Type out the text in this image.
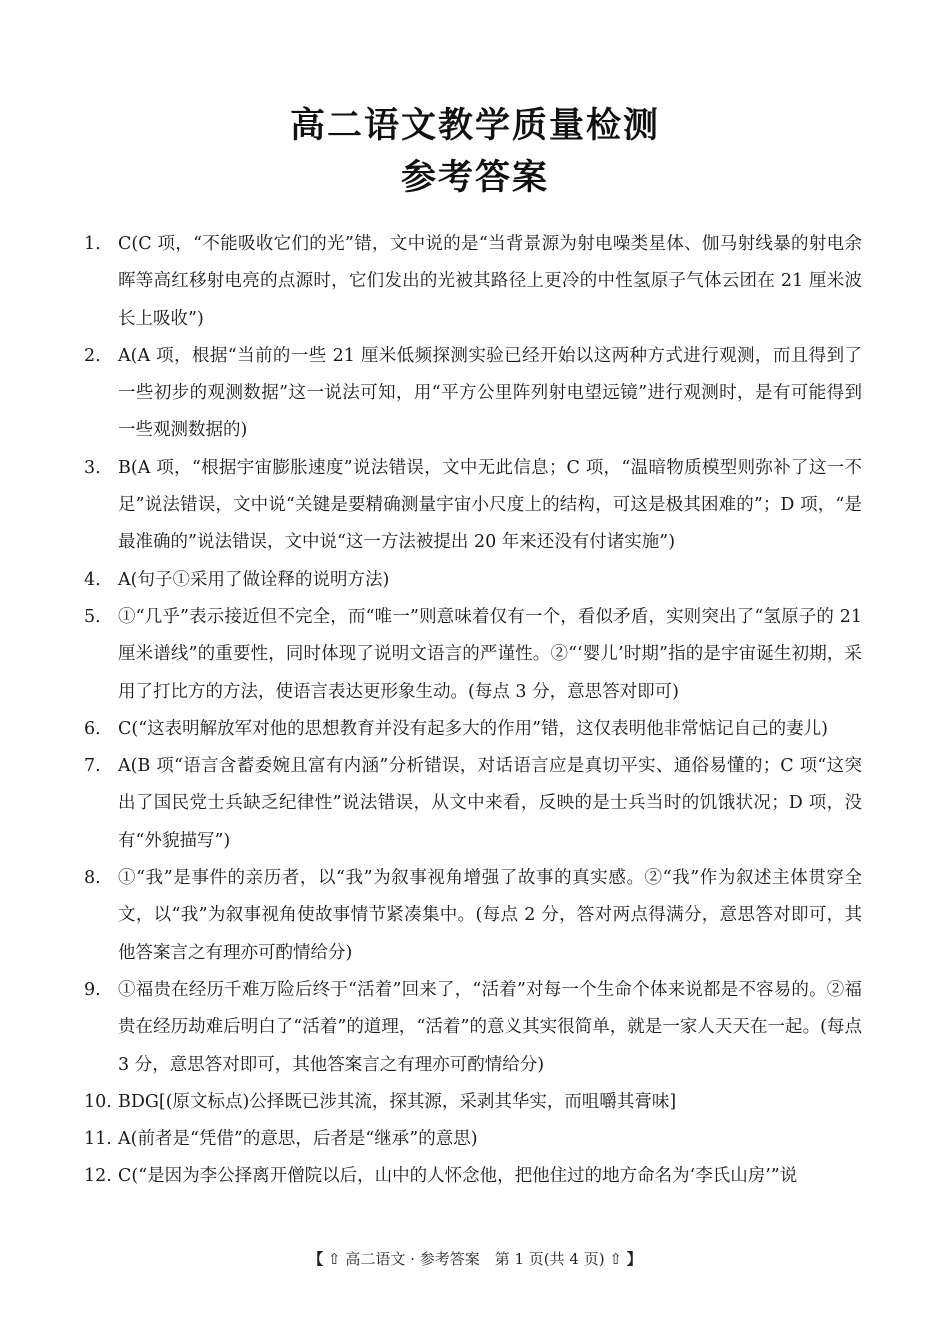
高二语文教学质量检测
参考答案
1. C(C 项，“不能吸收它们的光”错，文中说的是“当背景源为射电噪类星体、伽马射线暴的射电余晖等高红移射电亮的点源时，它们发出的光被其路径上更冷的中性氢原子气体云团在 21 厘米波长上吸收”)
2. A(A 项，根据“当前的一些 21 厘米低频探测实验已经开始以这两种方式进行观测，而且得到了一些初步的观测数据”这一说法可知，用“平方公里阵列射电望远镜”进行观测时，是有可能得到一些观测数据的)
3. B(A 项，“根据宇宙膨胀速度”说法错误，文中无此信息；C 项，“温暗物质模型则弥补了这一不足”说法错误，文中说“关键是要精确测量宇宙小尺度上的结构，可这是极其困难的”；D 项，“是最准确的”说法错误，文中说“这一方法被提出 20 年来还没有付诸实施”)
4. A(句子①采用了做诠释的说明方法)
5. ①“几乎”表示接近但不完全，而“唯一”则意味着仅有一个，看似矛盾，实则突出了“氢原子的 21 厘米谱线”的重要性，同时体现了说明文语言的严谨性。②“‘婴儿’时期”指的是宇宙诞生初期，采用了打比方的方法，使语言表达更形象生动。(每点 3 分，意思答对即可)
6. C(“这表明解放军对他的思想教育并没有起多大的作用”错，这仅表明他非常惦记自己的妻儿)
7. A(B 项“语言含蓄委婉且富有内涵”分析错误，对话语言应是真切平实、通俗易懂的；C 项“这突出了国民党士兵缺乏纪律性”说法错误，从文中来看，反映的是士兵当时的饥饿状况；D 项，没有“外貌描写”)
8. ①“我”是事件的亲历者，以“我”为叙事视角增强了故事的真实感。②“我”作为叙述主体贯穿全文，以“我”为叙事视角使故事情节紧凑集中。(每点 2 分，答对两点得满分，意思答对即可，其他答案言之有理亦可酌情给分)
9. ①福贵在经历千难万险后终于“活着”回来了，“活着”对每一个生命个体来说都是不容易的。②福贵在经历劫难后明白了“活着”的道理，“活着”的意义其实很简单，就是一家人天天在一起。(每点 3 分，意思答对即可，其他答案言之有理亦可酌情给分)
10. BDG[(原文标点)公择既已涉其流，探其源，采剥其华实，而咀嚼其膏味]
11. A(前者是“凭借”的意思，后者是“继承”的意思)
12. C(“是因为李公择离开僧院以后，山中的人怀念他，把他住过的地方命名为‘李氏山房’”说
【 ⇧ 高二语文 · 参考答案　第 1 页(共 4 页) ⇧ 】
